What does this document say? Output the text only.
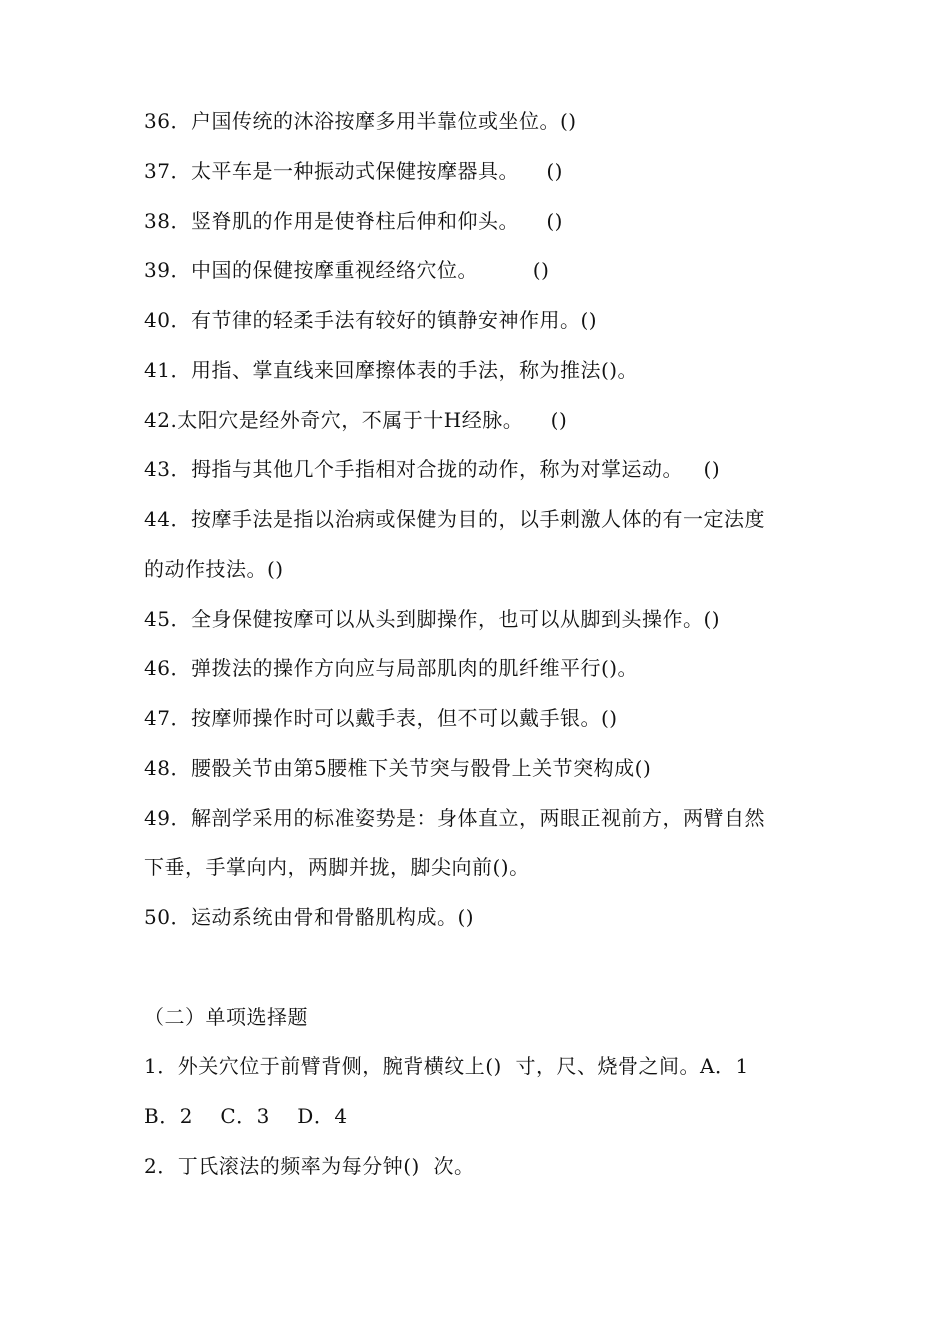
36．户国传统的沐浴按摩多用半靠位或坐位。()
37．太平车是一种振动式保健按摩器具。    ()
38．竖脊肌的作用是使脊柱后伸和仰头。    ()
39．中国的保健按摩重视经络穴位。        ()
40．有节律的轻柔手法有较好的镇静安神作用。()
41．用指、掌直线来回摩擦体表的手法，称为推法()。
42.太阳穴是经外奇穴，不属于十H经脉。    ()
43．拇指与其他几个手指相对合拢的动作，称为对掌运动。   ()
44．按摩手法是指以治病或保健为目的，以手刺激人体的有一定法度
的动作技法。()
45．全身保健按摩可以从头到脚操作，也可以从脚到头操作。()
46．弹拨法的操作方向应与局部肌肉的肌纤维平行()。
47．按摩师操作时可以戴手表，但不可以戴手银。()
48．腰骰关节由第5腰椎下关节突与骰骨上关节突构成()
49．解剖学采用的标准姿势是：身体直立，两眼正视前方，两臂自然
下垂，手掌向内，两脚并拢，脚尖向前()。
50．运动系统由骨和骨骼肌构成。()
（二）单项选择题
1．外关穴位于前臂背侧，腕背横纹上()  寸，尺、烧骨之间。A．1
B．2    C．3    D．4
2．丁氏滚法的频率为每分钟()  次。
